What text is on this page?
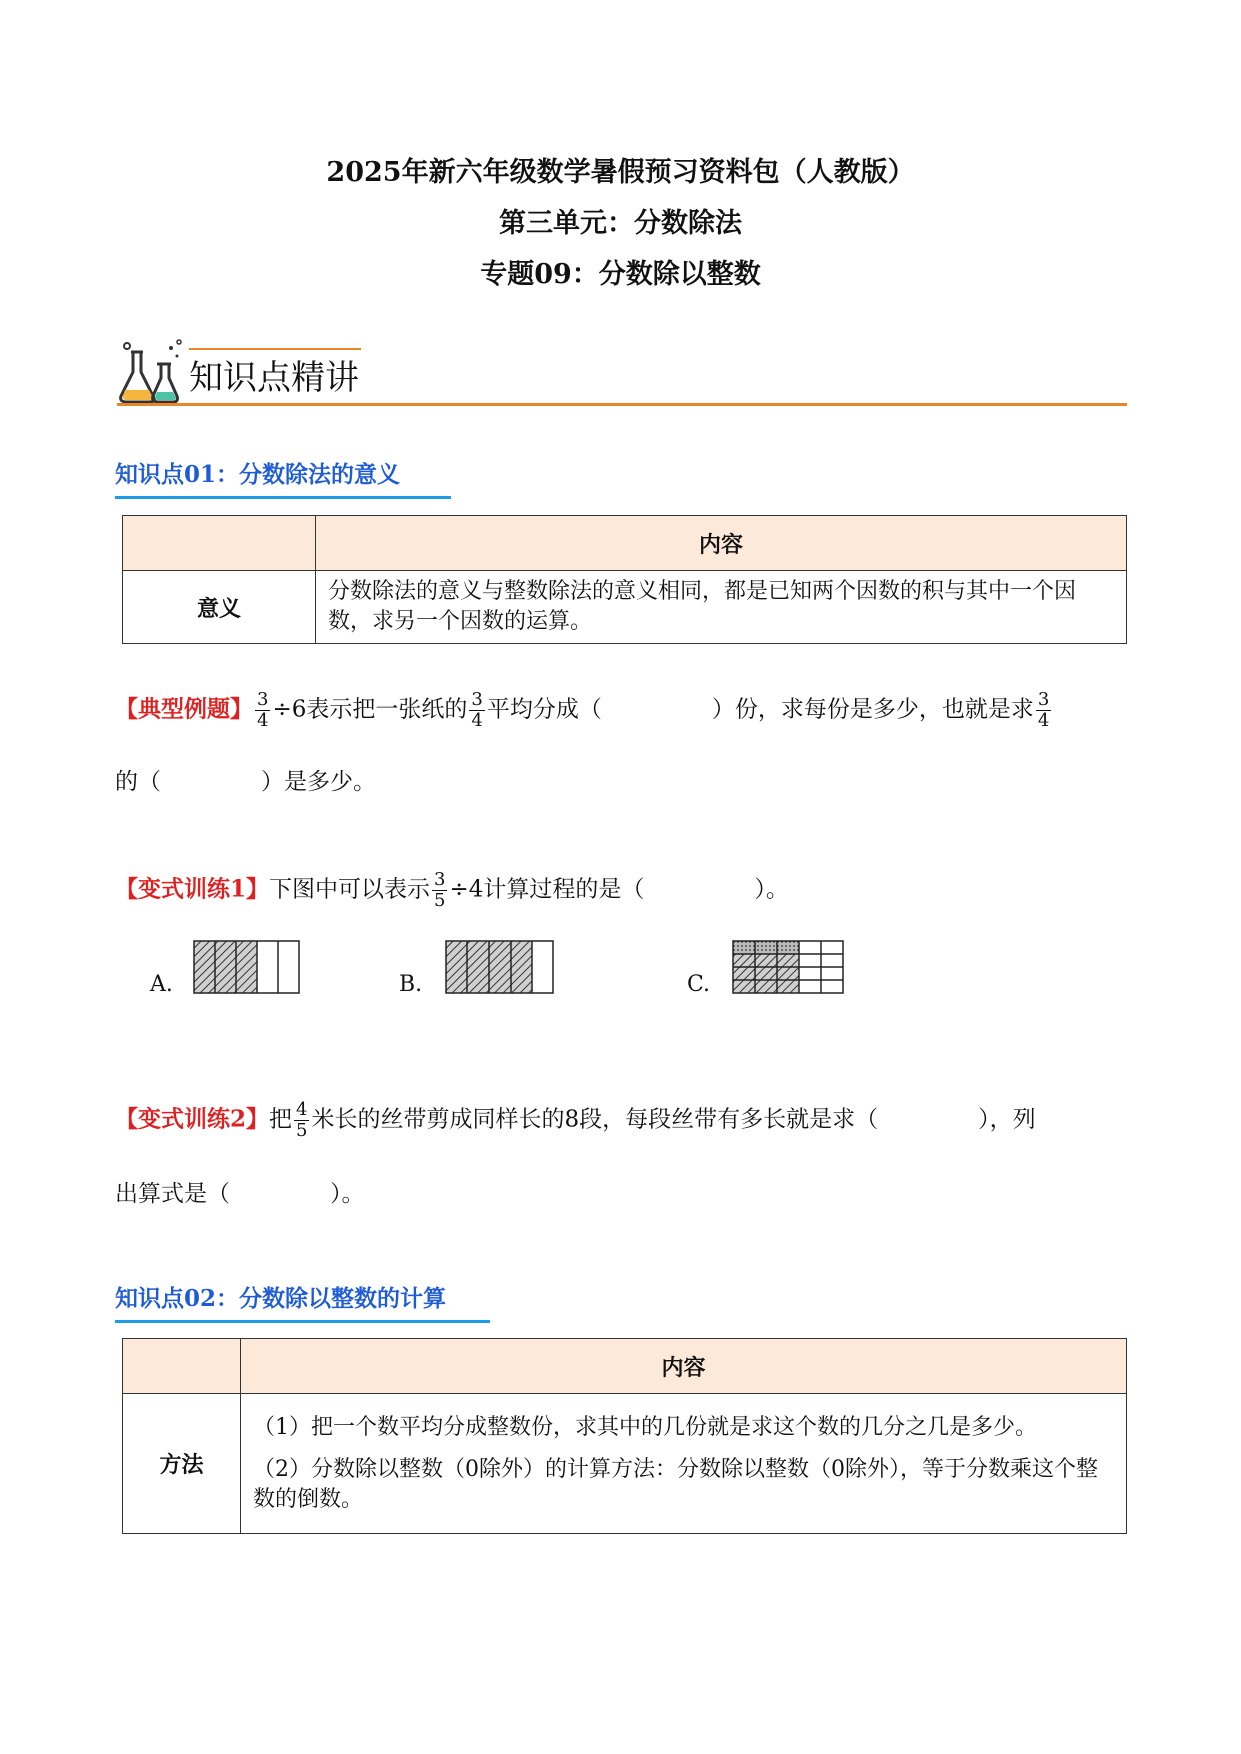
2025年新六年级数学暑假预习资料包（人教版）
第三单元：分数除法
专题09：分数除以整数
知识点精讲
知识点01：分数除法的意义
	内容
意义	分数除法的意义与整数除法的意义相同，都是已知两个因数的积与其中一个因数，求另一个因数的运算。
【典型例题】 $\frac{3}{4} \div 6$表示把一张纸的 $\frac{3}{4}$ 平均分成（	）份，求每份是多少，也就是求 $\frac{3}{4}$
的（	）是多少。
【变式训练1】下图中可以表示 $\frac{3}{5} \div 4$计算过程的是（	）。
A.	B.	C.
【变式训练2】把 $\frac{4}{5}$ 米长的丝带剪成同样长的8段，每段丝带有多长就是求（	），列
出算式是（	）。
知识点02：分数除以整数的计算
	内容
方法	（1）把一个数平均分成整数份，求其中的几份就是求这个数的几分之几是多少。
（2）分数除以整数（0除外）的计算方法：分数除以整数（0除外），等于分数乘这个整数的倒数。
